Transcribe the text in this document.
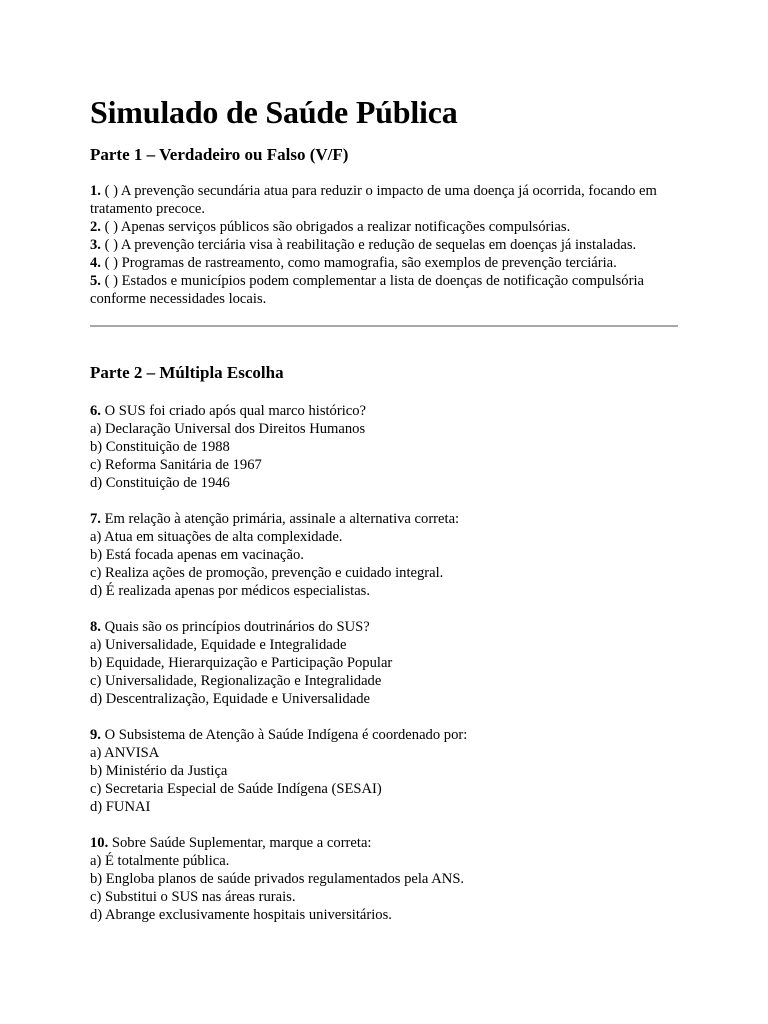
Simulado de Saúde Pública
Parte 1 – Verdadeiro ou Falso (V/F)

1. ( ) A prevenção secundária atua para reduzir o impacto de uma doença já ocorrida, focando em tratamento precoce.

2. ( ) Apenas serviços públicos são obrigados a realizar notificações compulsórias.

3. ( ) A prevenção terciária visa à reabilitação e redução de sequelas em doenças já instaladas.

4. ( ) Programas de rastreamento, como mamografia, são exemplos de prevenção terciária.

5. ( ) Estados e municípios podem complementar a lista de doenças de notificação compulsória conforme necessidades locais.

Parte 2 – Múltipla Escolha

6. O SUS foi criado após qual marco histórico?

a) Declaração Universal dos Direitos Humanos

b) Constituição de 1988

c) Reforma Sanitária de 1967

d) Constituição de 1946

7. Em relação à atenção primária, assinale a alternativa correta:

a) Atua em situações de alta complexidade.

b) Está focada apenas em vacinação.

c) Realiza ações de promoção, prevenção e cuidado integral.

d) É realizada apenas por médicos especialistas.

8. Quais são os princípios doutrinários do SUS?

a) Universalidade, Equidade e Integralidade

b) Equidade, Hierarquização e Participação Popular

c) Universalidade, Regionalização e Integralidade

d) Descentralização, Equidade e Universalidade

9. O Subsistema de Atenção à Saúde Indígena é coordenado por:

a) ANVISA

b) Ministério da Justiça

c) Secretaria Especial de Saúde Indígena (SESAI)

d) FUNAI

10. Sobre Saúde Suplementar, marque a correta:

a) É totalmente pública.

b) Engloba planos de saúde privados regulamentados pela ANS.

c) Substitui o SUS nas áreas rurais.

d) Abrange exclusivamente hospitais universitários.
